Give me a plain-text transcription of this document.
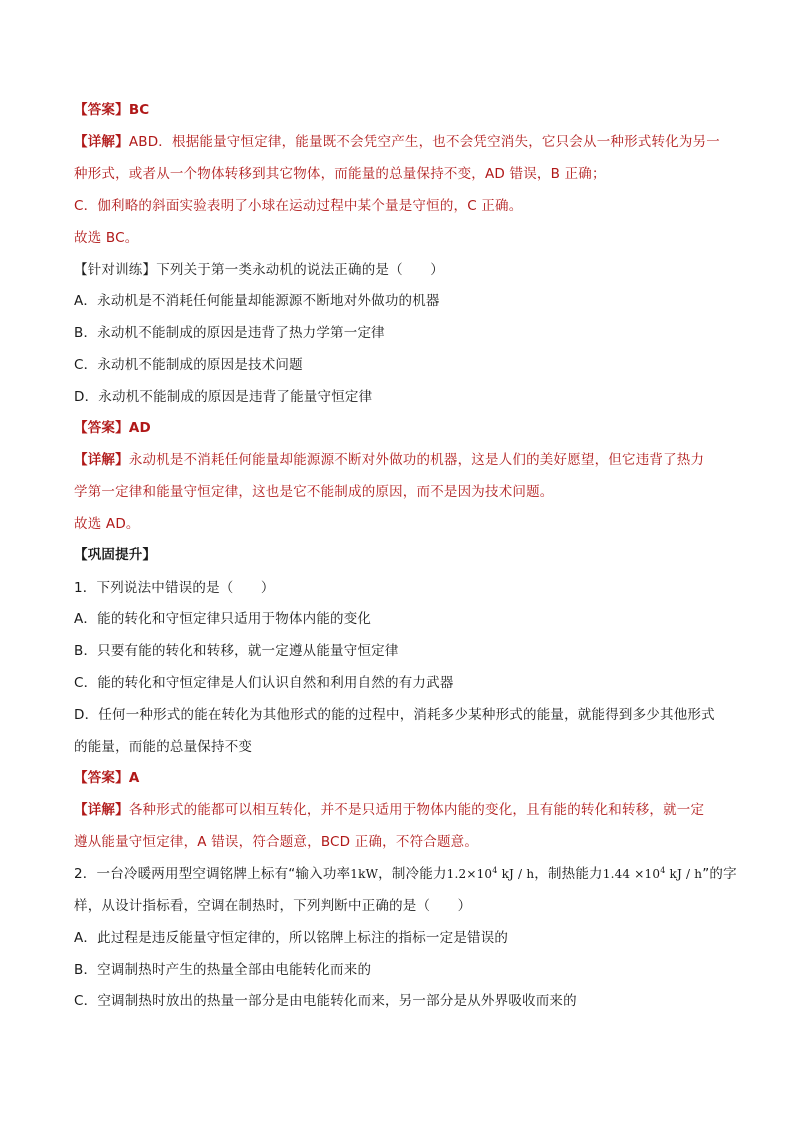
【答案】BC
【详解】ABD．根据能量守恒定律，能量既不会凭空产生，也不会凭空消失，它只会从一种形式转化为另一
种形式，或者从一个物体转移到其它物体，而能量的总量保持不变，AD 错误，B 正确；
C．伽利略的斜面实验表明了小球在运动过程中某个量是守恒的，C 正确。
故选 BC。
【针对训练】下列关于第一类永动机的说法正确的是（　　）
A．永动机是不消耗任何能量却能源源不断地对外做功的机器
B．永动机不能制成的原因是违背了热力学第一定律
C．永动机不能制成的原因是技术问题
D．永动机不能制成的原因是违背了能量守恒定律
【答案】AD
【详解】永动机是不消耗任何能量却能源源不断对外做功的机器，这是人们的美好愿望，但它违背了热力
学第一定律和能量守恒定律，这也是它不能制成的原因，而不是因为技术问题。
故选 AD。
【巩固提升】
1．下列说法中错误的是（　　）
A．能的转化和守恒定律只适用于物体内能的变化
B．只要有能的转化和转移，就一定遵从能量守恒定律
C．能的转化和守恒定律是人们认识自然和利用自然的有力武器
D．任何一种形式的能在转化为其他形式的能的过程中，消耗多少某种形式的能量，就能得到多少其他形式
的能量，而能的总量保持不变
【答案】A
【详解】各种形式的能都可以相互转化，并不是只适用于物体内能的变化，且有能的转化和转移，就一定
遵从能量守恒定律，A 错误，符合题意，BCD 正确，不符合题意。
2．一台冷暖两用型空调铭牌上标有“输入功率1kW，制冷能力$1.2\times 10^4$ kJ / h，制热能力$1.44 \times 10^4$ kJ / h”的字
样，从设计指标看，空调在制热时，下列判断中正确的是（　　）
A．此过程是违反能量守恒定律的，所以铭牌上标注的指标一定是错误的
B．空调制热时产生的热量全部由电能转化而来的
C．空调制热时放出的热量一部分是由电能转化而来，另一部分是从外界吸收而来的
